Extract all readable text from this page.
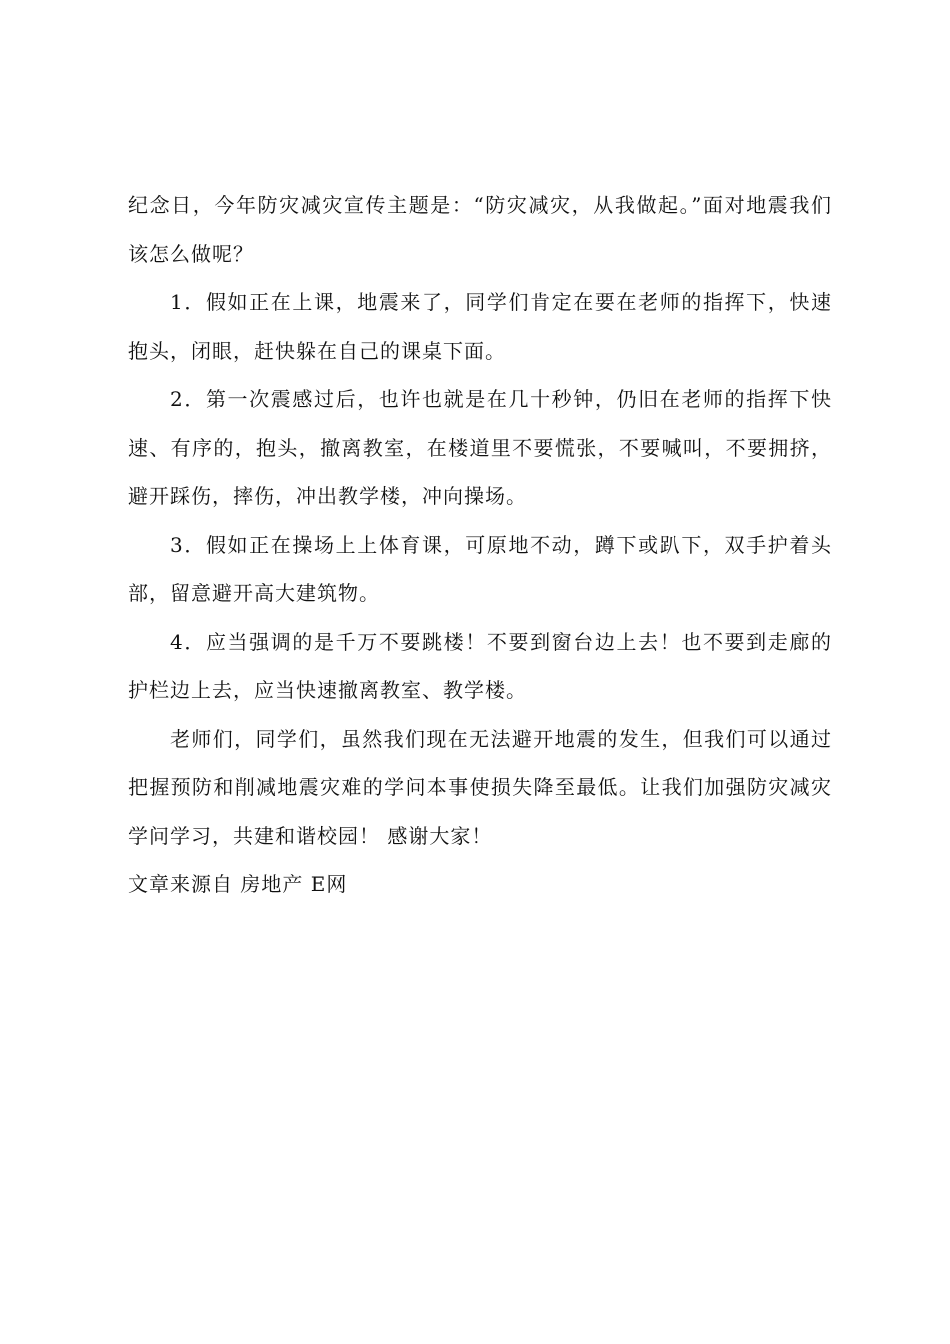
纪念日，今年防灾减灾宣传主题是：“防灾减灾，从我做起。”面对地震我们该怎么做呢？

1．假如正在上课，地震来了，同学们肯定在要在老师的指挥下，快速抱头，闭眼，赶快躲在自己的课桌下面。

2．第一次震感过后，也许也就是在几十秒钟，仍旧在老师的指挥下快速、有序的，抱头，撤离教室，在楼道里不要慌张，不要喊叫，不要拥挤，避开踩伤，摔伤，冲出教学楼，冲向操场。

3．假如正在操场上上体育课，可原地不动，蹲下或趴下，双手护着头部，留意避开高大建筑物。

4．应当强调的是千万不要跳楼！不要到窗台边上去！也不要到走廊的护栏边上去，应当快速撤离教室、教学楼。

老师们，同学们，虽然我们现在无法避开地震的发生，但我们可以通过把握预防和削减地震灾难的学问本事使损失降至最低。让我们加强防灾减灾学问学习，共建和谐校园！ 感谢大家！

文章来源自 房地产 E网
